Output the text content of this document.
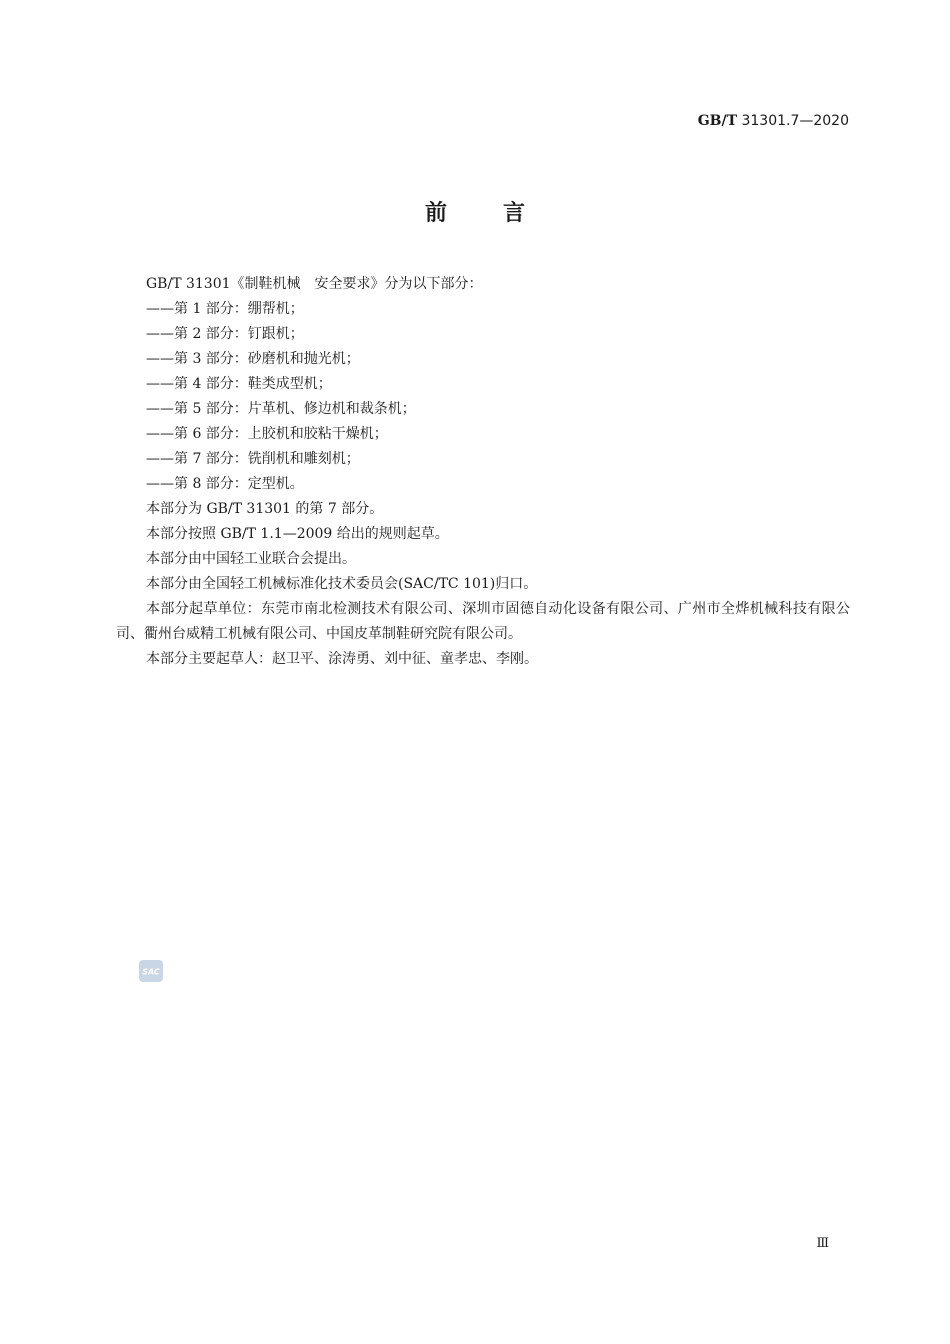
GB/T 31301.7—2020
前言

GB/T 31301《制鞋机械　安全要求》分为以下部分：

——第 1 部分：绷帮机；

——第 2 部分：钉跟机；

——第 3 部分：砂磨机和抛光机；

——第 4 部分：鞋类成型机；

——第 5 部分：片革机、修边机和裁条机；

——第 6 部分：上胶机和胶粘干燥机；

——第 7 部分：铣削机和雕刻机；

——第 8 部分：定型机。

本部分为 GB/T 31301 的第 7 部分。

本部分按照 GB/T 1.1—2009 给出的规则起草。

本部分由中国轻工业联合会提出。

本部分由全国轻工机械标准化技术委员会(SAC/TC 101)归口。

本部分起草单位：东莞市南北检测技术有限公司、深圳市固德自动化设备有限公司、广州市全烨机械科技有限公司、衢州台威精工机械有限公司、中国皮革制鞋研究院有限公司。

本部分主要起草人：赵卫平、涂涛勇、刘中征、童孝忠、李刚。

SAC
Ⅲ
